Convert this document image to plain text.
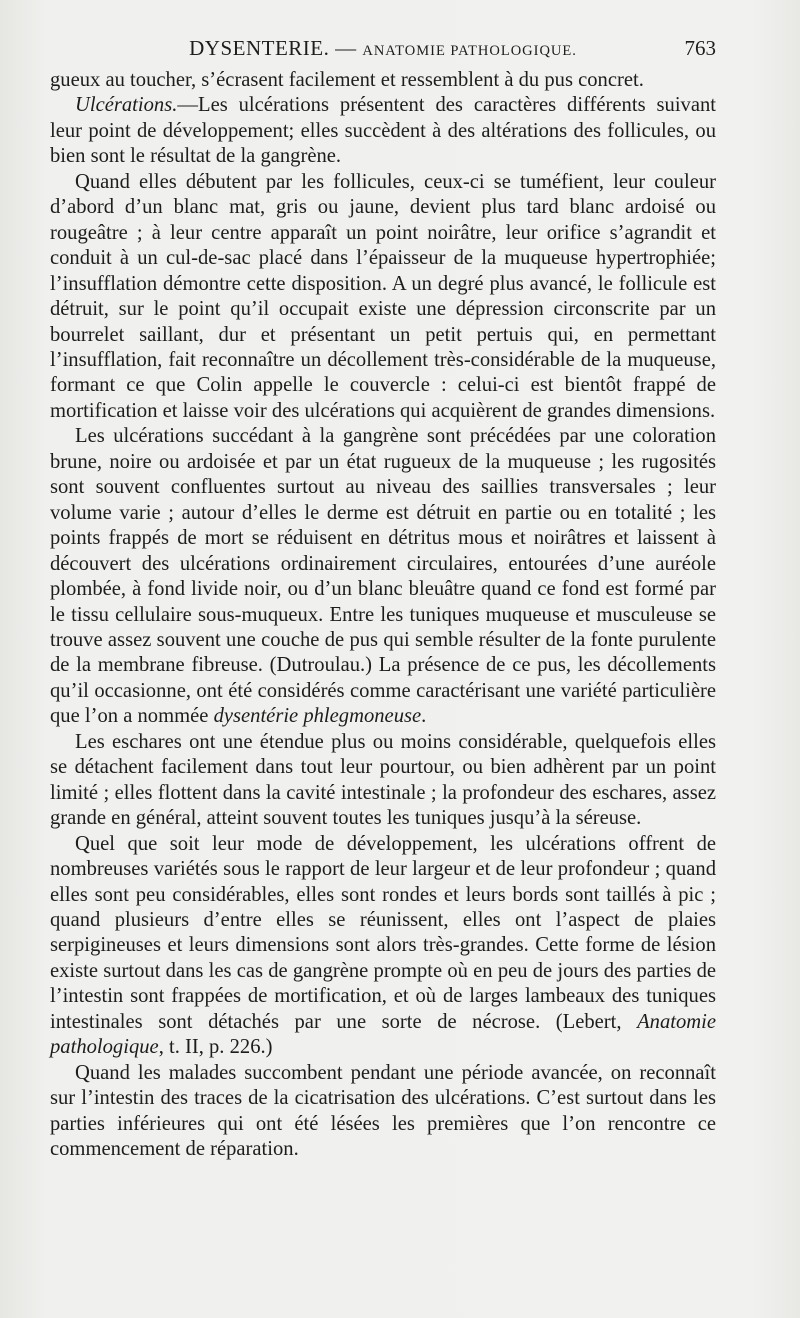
DYSENTERIE. — ANATOMIE PATHOLOGIQUE.	763

gueux au toucher, s’écrasent facilement et ressemblent à du pus concret.

Ulcérations.—Les ulcérations présentent des caractères différents suivant leur point de développement; elles succèdent à des altérations des follicules, ou bien sont le résultat de la gangrène.

Quand elles débutent par les follicules, ceux-ci se tuméfient, leur couleur d’abord d’un blanc mat, gris ou jaune, devient plus tard blanc ardoisé ou rougeâtre ; à leur centre apparaît un point noirâtre, leur orifice s’agrandit et conduit à un cul-de-sac placé dans l’épaisseur de la muqueuse hypertrophiée; l’insufflation démontre cette disposition. A un degré plus avancé, le follicule est détruit, sur le point qu’il occupait existe une dépression circonscrite par un bourrelet saillant, dur et présentant un petit pertuis qui, en permettant l’insufflation, fait reconnaître un décollement très-considérable de la muqueuse, formant ce que Colin appelle le couvercle : celui-ci est bientôt frappé de mortification et laisse voir des ulcérations qui acquièrent de grandes dimensions.

Les ulcérations succédant à la gangrène sont précédées par une coloration brune, noire ou ardoisée et par un état rugueux de la muqueuse ; les rugosités sont souvent confluentes surtout au niveau des saillies transversales ; leur volume varie ; autour d’elles le derme est détruit en partie ou en totalité ; les points frappés de mort se réduisent en détritus mous et noirâtres et laissent à découvert des ulcérations ordinairement circulaires, entourées d’une auréole plombée, à fond livide noir, ou d’un blanc bleuâtre quand ce fond est formé par le tissu cellulaire sous-muqueux. Entre les tuniques muqueuse et musculeuse se trouve assez souvent une couche de pus qui semble résulter de la fonte purulente de la membrane fibreuse. (Dutroulau.) La présence de ce pus, les décollements qu’il occasionne, ont été considérés comme caractérisant une variété particulière que l’on a nommée dysentérie phlegmoneuse.

Les eschares ont une étendue plus ou moins considérable, quelquefois elles se détachent facilement dans tout leur pourtour, ou bien adhèrent par un point limité ; elles flottent dans la cavité intestinale ; la profondeur des eschares, assez grande en général, atteint souvent toutes les tuniques jusqu’à la séreuse.

Quel que soit leur mode de développement, les ulcérations offrent de nombreuses variétés sous le rapport de leur largeur et de leur profondeur ; quand elles sont peu considérables, elles sont rondes et leurs bords sont taillés à pic ; quand plusieurs d’entre elles se réunissent, elles ont l’aspect de plaies serpigineuses et leurs dimensions sont alors très-grandes. Cette forme de lésion existe surtout dans les cas de gangrène prompte où en peu de jours des parties de l’intestin sont frappées de mortification, et où de larges lambeaux des tuniques intestinales sont détachés par une sorte de nécrose. (Lebert, Anatomie pathologique, t. II, p. 226.)

Quand les malades succombent pendant une période avancée, on reconnaît sur l’intestin des traces de la cicatrisation des ulcérations. C’est surtout dans les parties inférieures qui ont été lésées les premières que l’on rencontre ce commencement de réparation.
